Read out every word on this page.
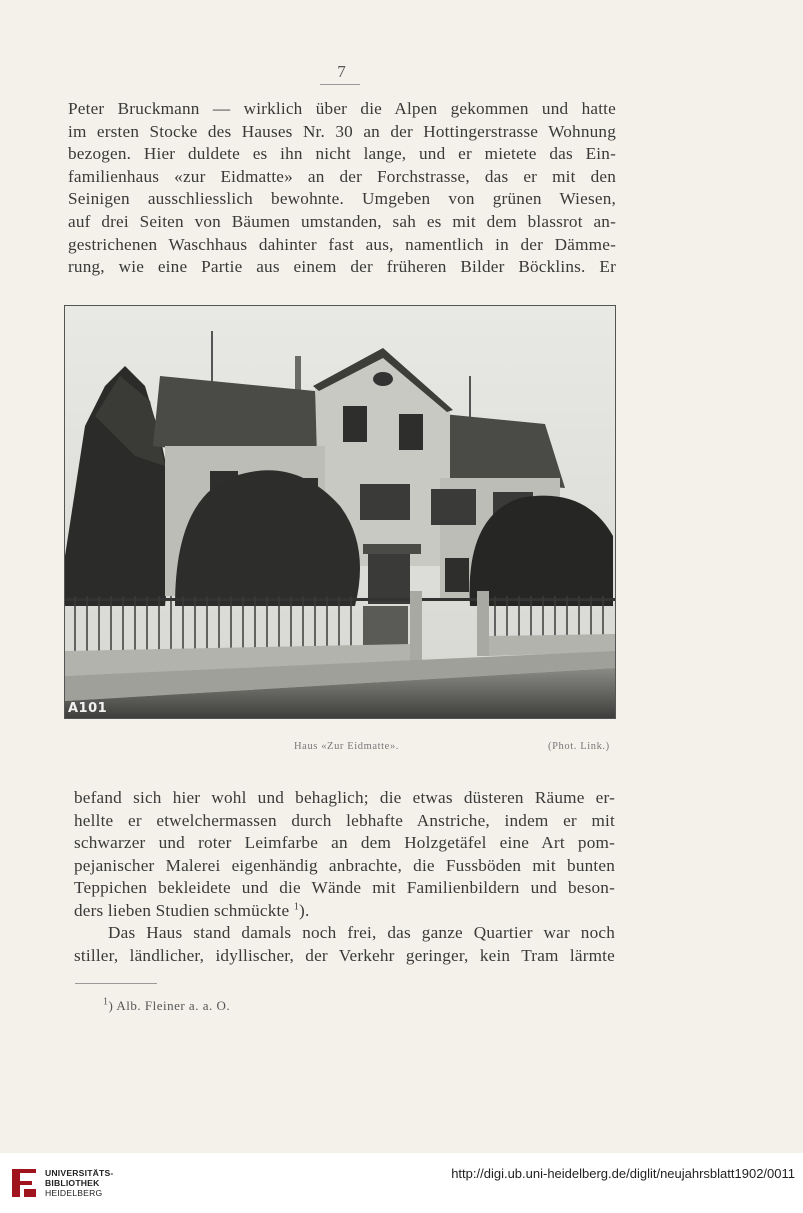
7

Peter Bruckmann — wirklich über die Alpen gekommen und hatte
im ersten Stocke des Hauses Nr. 30 an der Hottingerstrasse Wohnung
bezogen. Hier duldete es ihn nicht lange, und er mietete das Ein-
familienhaus «zur Eidmatte» an der Forchstrasse, das er mit den
Seinigen ausschliesslich bewohnte. Umgeben von grünen Wiesen,
auf drei Seiten von Bäumen umstanden, sah es mit dem blassrot an-
gestrichenen Waschhaus dahinter fast aus, namentlich in der Dämme-
rung, wie eine Partie aus einem der früheren Bilder Böcklins. Er

A101
Haus «Zur Eidmatte».	(Phot. Link.)

befand sich hier wohl und behaglich; die etwas düsteren Räume er-
hellte er etwelchermassen durch lebhafte Anstriche, indem er mit
schwarzer und roter Leimfarbe an dem Holzgetäfel eine Art pom-
pejanischer Malerei eigenhändig anbrachte, die Fussböden mit bunten
Teppichen bekleidete und die Wände mit Familienbildern und beson-
ders lieben Studien schmückte $^1$).

Das Haus stand damals noch frei, das ganze Quartier war noch
stiller, ländlicher, idyllischer, der Verkehr geringer, kein Tram lärmte

$^1$) Alb. Fleiner a. a. O.
UNIVERSITÄTS-
BIBLIOTHEK
HEIDELBERG
http://digi.ub.uni-heidelberg.de/diglit/neujahrsblatt1902/0011
